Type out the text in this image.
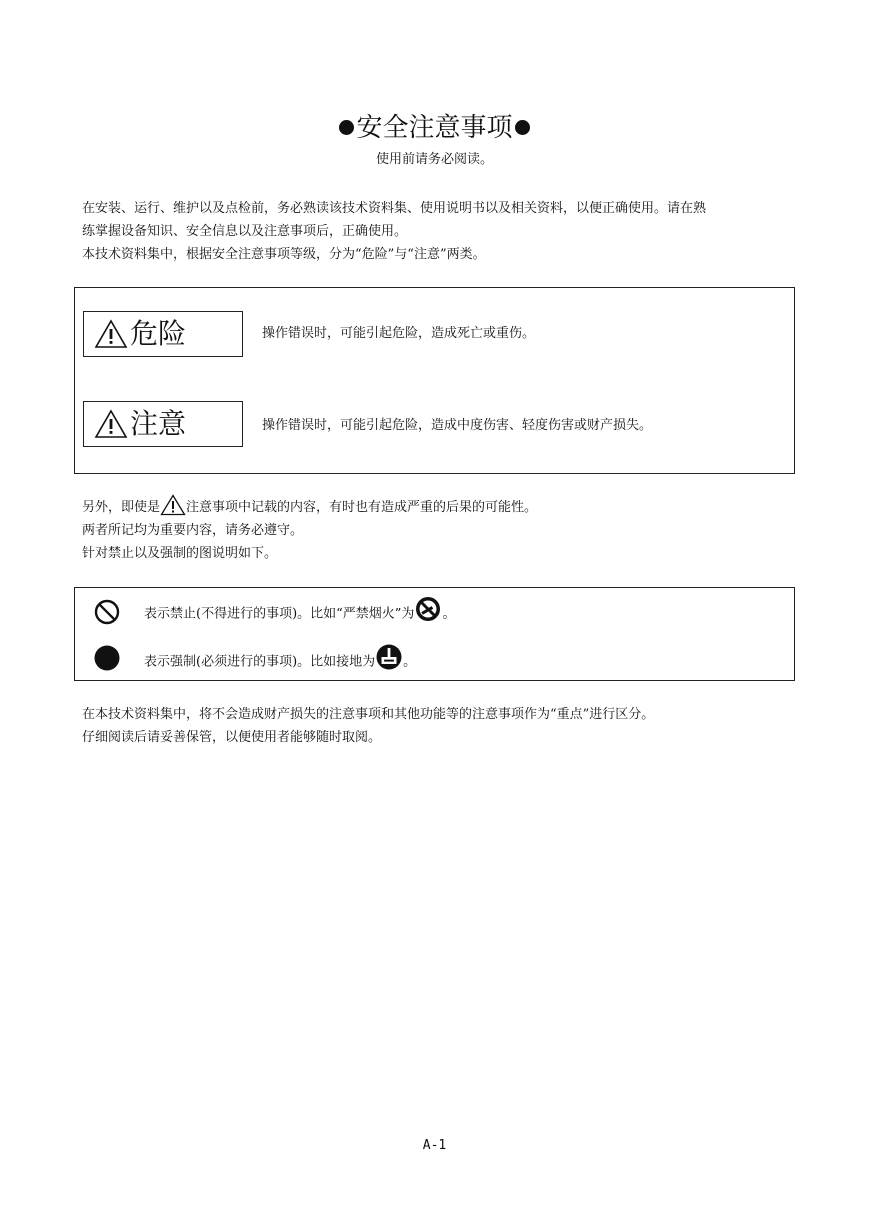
安全注意事项
使用前请务必阅读。
在安装、运行、维护以及点检前，务必熟读该技术资料集、使用说明书以及相关资料，以便正确使用。请在熟
练掌握设备知识、安全信息以及注意事项后，正确使用。
本技术资料集中，根据安全注意事项等级，分为“危险”与“注意”两类。
危险	操作错误时，可能引起危险，造成死亡或重伤。
注意	操作错误时，可能引起危险，造成中度伤害、轻度伤害或财产损失。
另外，即使是 注意事项中记载的内容，有时也有造成严重的后果的可能性。
两者所记均为重要内容，请务必遵守。
针对禁止以及强制的图说明如下。
表示禁止(不得进行的事项)。比如“严禁烟火”为 。
表示强制(必须进行的事项)。比如接地为 。
在本技术资料集中，将不会造成财产损失的注意事项和其他功能等的注意事项作为“重点”进行区分。
仔细阅读后请妥善保管，以便使用者能够随时取阅。
A-1
